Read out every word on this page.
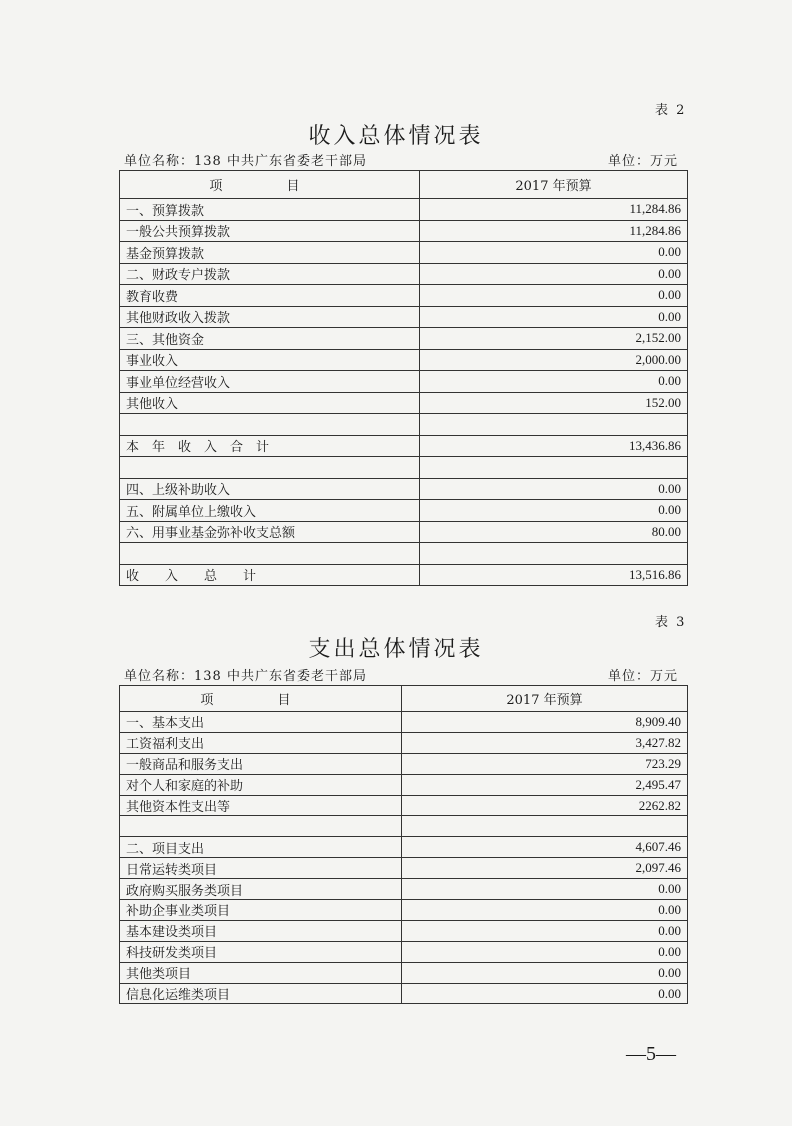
表 2
收入总体情况表
单位名称：138 中共广东省委老干部局	单位：万元
项 目	2017 年预算
一、预算拨款	11,284.86
一般公共预算拨款	11,284.86
基金预算拨款	0.00
二、财政专户拨款	0.00
教育收费	0.00
其他财政收入拨款	0.00
三、其他资金	2,152.00
事业收入	2,000.00
事业单位经营收入	0.00
其他收入	152.00

本　年　收　入　合　计	13,436.86

四、上级补助收入	0.00
五、附属单位上缴收入	0.00
六、用事业基金弥补收支总额	80.00

收　　入　　总　　计	13,516.86
表 3
支出总体情况表
单位名称：138 中共广东省委老干部局	单位：万元
项 目	2017 年预算
一、基本支出	8,909.40
工资福利支出	3,427.82
一般商品和服务支出	723.29
对个人和家庭的补助	2,495.47
其他资本性支出等	2262.82

二、项目支出	4,607.46
日常运转类项目	2,097.46
政府购买服务类项目	0.00
补助企事业类项目	0.00
基本建设类项目	0.00
科技研发类项目	0.00
其他类项目	0.00
信息化运维类项目	0.00
—5—
